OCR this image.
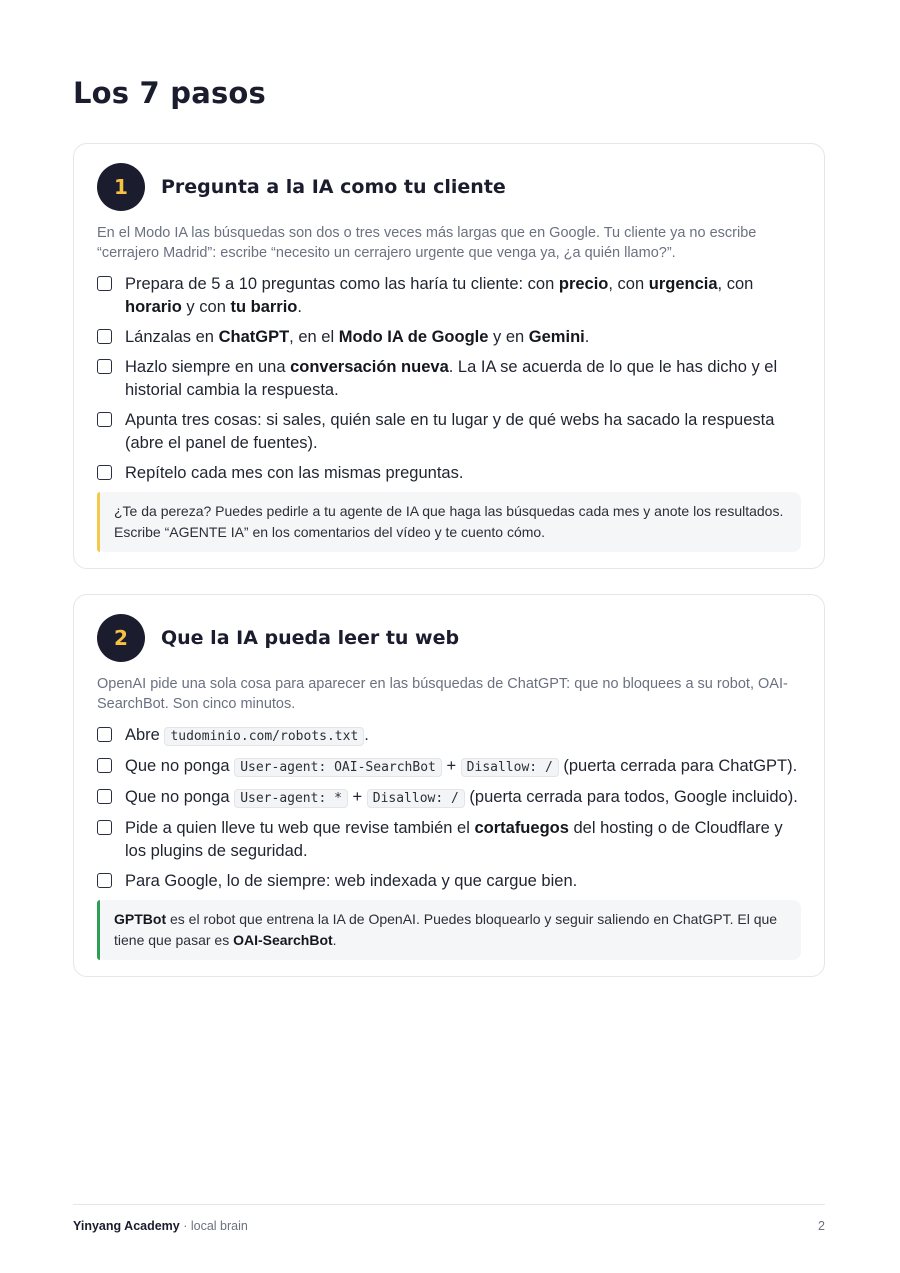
Los 7 pasos
1	Pregunta a la IA como tu cliente

En el Modo IA las búsquedas son dos o tres veces más largas que en Google. Tu cliente ya no escribe “cerrajero Madrid”: escribe “necesito un cerrajero urgente que venga ya, ¿a quién llamo?”.

Prepara de 5 a 10 preguntas como las haría tu cliente: con precio, con urgencia, con horario y con tu barrio.
Lánzalas en ChatGPT, en el Modo IA de Google y en Gemini.
Hazlo siempre en una conversación nueva. La IA se acuerda de lo que le has dicho y el historial cambia la respuesta.
Apunta tres cosas: si sales, quién sale en tu lugar y de qué webs ha sacado la respuesta (abre el panel de fuentes).
Repítelo cada mes con las mismas preguntas.
¿Te da pereza? Puedes pedirle a tu agente de IA que haga las búsquedas cada mes y anote los resultados. Escribe “AGENTE IA” en los comentarios del vídeo y te cuento cómo.
2	Que la IA pueda leer tu web

OpenAI pide una sola cosa para aparecer en las búsquedas de ChatGPT: que no bloquees a su robot, OAI-SearchBot. Son cinco minutos.

Abre tudominio.com/robots.txt .
Que no ponga User-agent: OAI-SearchBot + Disallow: / (puerta cerrada para ChatGPT).
Que no ponga User-agent: * + Disallow: / (puerta cerrada para todos, Google incluido).
Pide a quien lleve tu web que revise también el cortafuegos del hosting o de Cloudflare y los plugins de seguridad.
Para Google, lo de siempre: web indexada y que cargue bien.
GPTBot es el robot que entrena la IA de OpenAI. Puedes bloquearlo y seguir saliendo en ChatGPT. El que tiene que pasar es OAI-SearchBot.
Yinyang Academy · local brain	2
